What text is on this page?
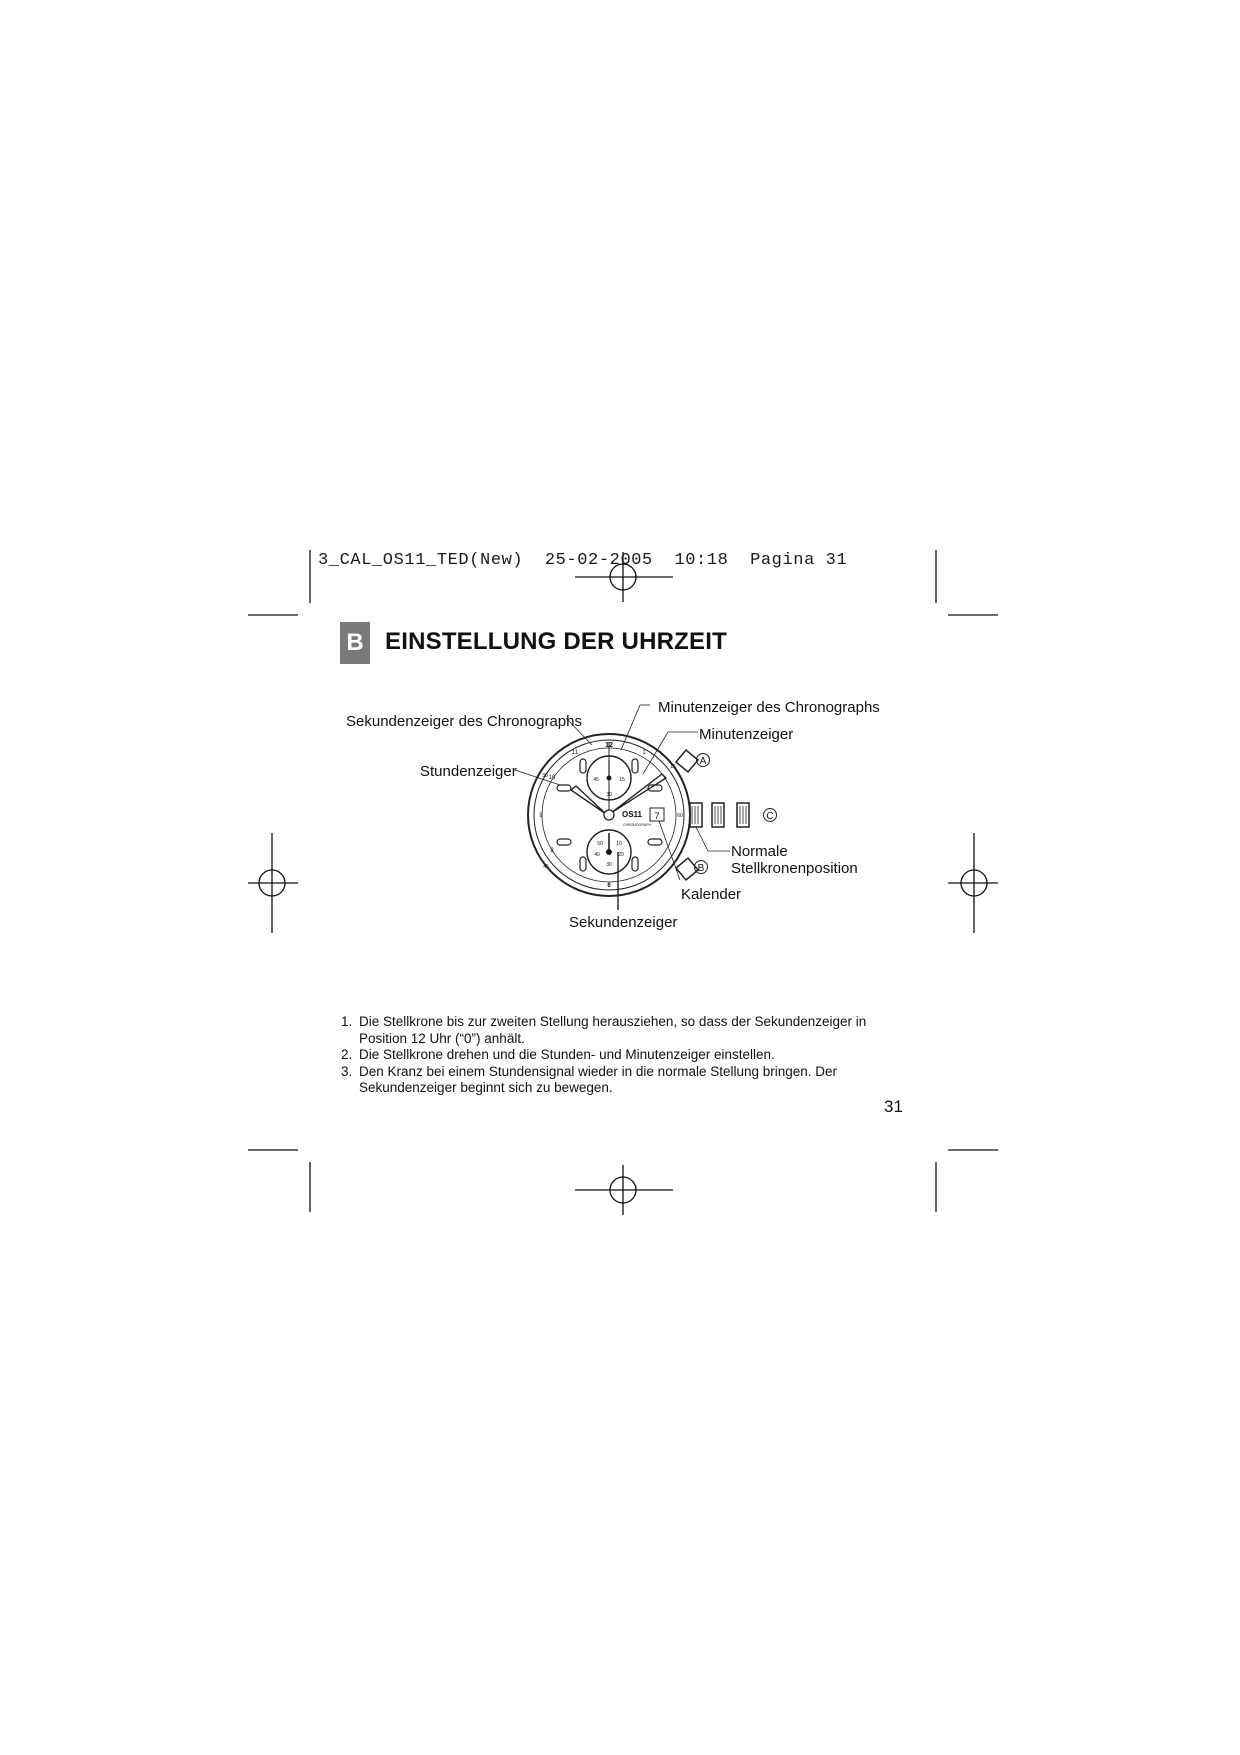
3_CAL_OS11_TED(New)  25-02-2005  10:18  Pagina 31
B EINSTELLUNG DER UHRZEIT
A
B
C
12
11	1
10
9
8
6
30
45
15
60
45	15
30
50	10
40	20
30
OS11
CHRONOGRAPH
7
Sekundenzeiger des Chronographs
Minutenzeiger des Chronographs
Minutenzeiger
Stundenzeiger
Normale
Stellkronenposition
Kalender
Sekundenzeiger
1. Die Stellkrone bis zur zweiten Stellung herausziehen, so dass der Sekundenzeiger in Position 12 Uhr (“0”) anhält.
2. Die Stellkrone drehen und die Stunden- und Minutenzeiger einstellen.
3. Den Kranz bei einem Stundensignal wieder in die normale Stellung bringen. Der Sekundenzeiger beginnt sich zu bewegen.
31
